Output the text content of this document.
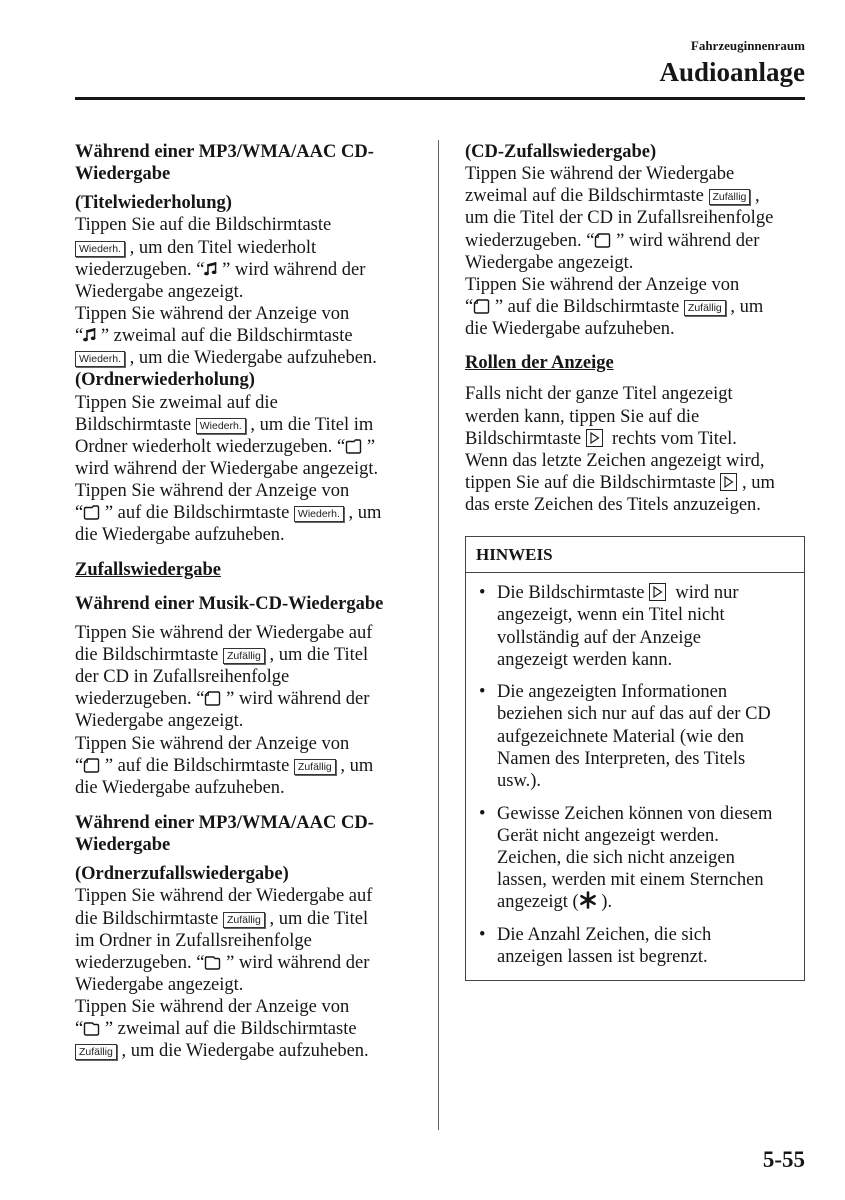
Fahrzeuginnenraum
Audioanlage
Während einer MP3/WMA/AAC CD-
Wiedergabe
(Titelwiederholung)
Tippen Sie auf die Bildschirmtaste
Wiederh. , um den Titel wiederholt
wiederzugeben. “ ” wird während der
Wiedergabe angezeigt.
Tippen Sie während der Anzeige von
“ ” zweimal auf die Bildschirmtaste
Wiederh. , um die Wiedergabe aufzuheben.
(Ordnerwiederholung)
Tippen Sie zweimal auf die
Bildschirmtaste Wiederh. , um die Titel im
Ordner wiederholt wiederzugeben. “ ”
wird während der Wiedergabe angezeigt.
Tippen Sie während der Anzeige von
“ ” auf die Bildschirmtaste Wiederh. , um
die Wiedergabe aufzuheben.
Zufallswiedergabe
Während einer Musik-CD-Wiedergabe
Tippen Sie während der Wiedergabe auf
die Bildschirmtaste Zufällig , um die Titel
der CD in Zufallsreihenfolge
wiederzugeben. “ ” wird während der
Wiedergabe angezeigt.
Tippen Sie während der Anzeige von
“ ” auf die Bildschirmtaste Zufällig , um
die Wiedergabe aufzuheben.
Während einer MP3/WMA/AAC CD-
Wiedergabe
(Ordnerzufallswiedergabe)
Tippen Sie während der Wiedergabe auf
die Bildschirmtaste Zufällig , um die Titel
im Ordner in Zufallsreihenfolge
wiederzugeben. “ ” wird während der
Wiedergabe angezeigt.
Tippen Sie während der Anzeige von
“ ” zweimal auf die Bildschirmtaste
Zufällig , um die Wiedergabe aufzuheben.
(CD-Zufallswiedergabe)
Tippen Sie während der Wiedergabe
zweimal auf die Bildschirmtaste Zufällig ,
um die Titel der CD in Zufallsreihenfolge
wiederzugeben. “ ” wird während der
Wiedergabe angezeigt.
Tippen Sie während der Anzeige von
“ ” auf die Bildschirmtaste Zufällig , um
die Wiedergabe aufzuheben.
Rollen der Anzeige
Falls nicht der ganze Titel angezeigt
werden kann, tippen Sie auf die
Bildschirmtaste   rechts vom Titel.
Wenn das letzte Zeichen angezeigt wird,
tippen Sie auf die Bildschirmtaste  , um
das erste Zeichen des Titels anzuzeigen.
HINWEIS
• Die Bildschirmtaste   wird nur
angezeigt, wenn ein Titel nicht
vollständig auf der Anzeige
angezeigt werden kann.
• Die angezeigten Informationen
beziehen sich nur auf das auf der CD
aufgezeichnete Material (wie den
Namen des Interpreten, des Titels
usw.).
• Gewisse Zeichen können von diesem
Gerät nicht angezeigt werden.
Zeichen, die sich nicht anzeigen
lassen, werden mit einem Sternchen
angezeigt ( ).
• Die Anzahl Zeichen, die sich
anzeigen lassen ist begrenzt.
5-55
